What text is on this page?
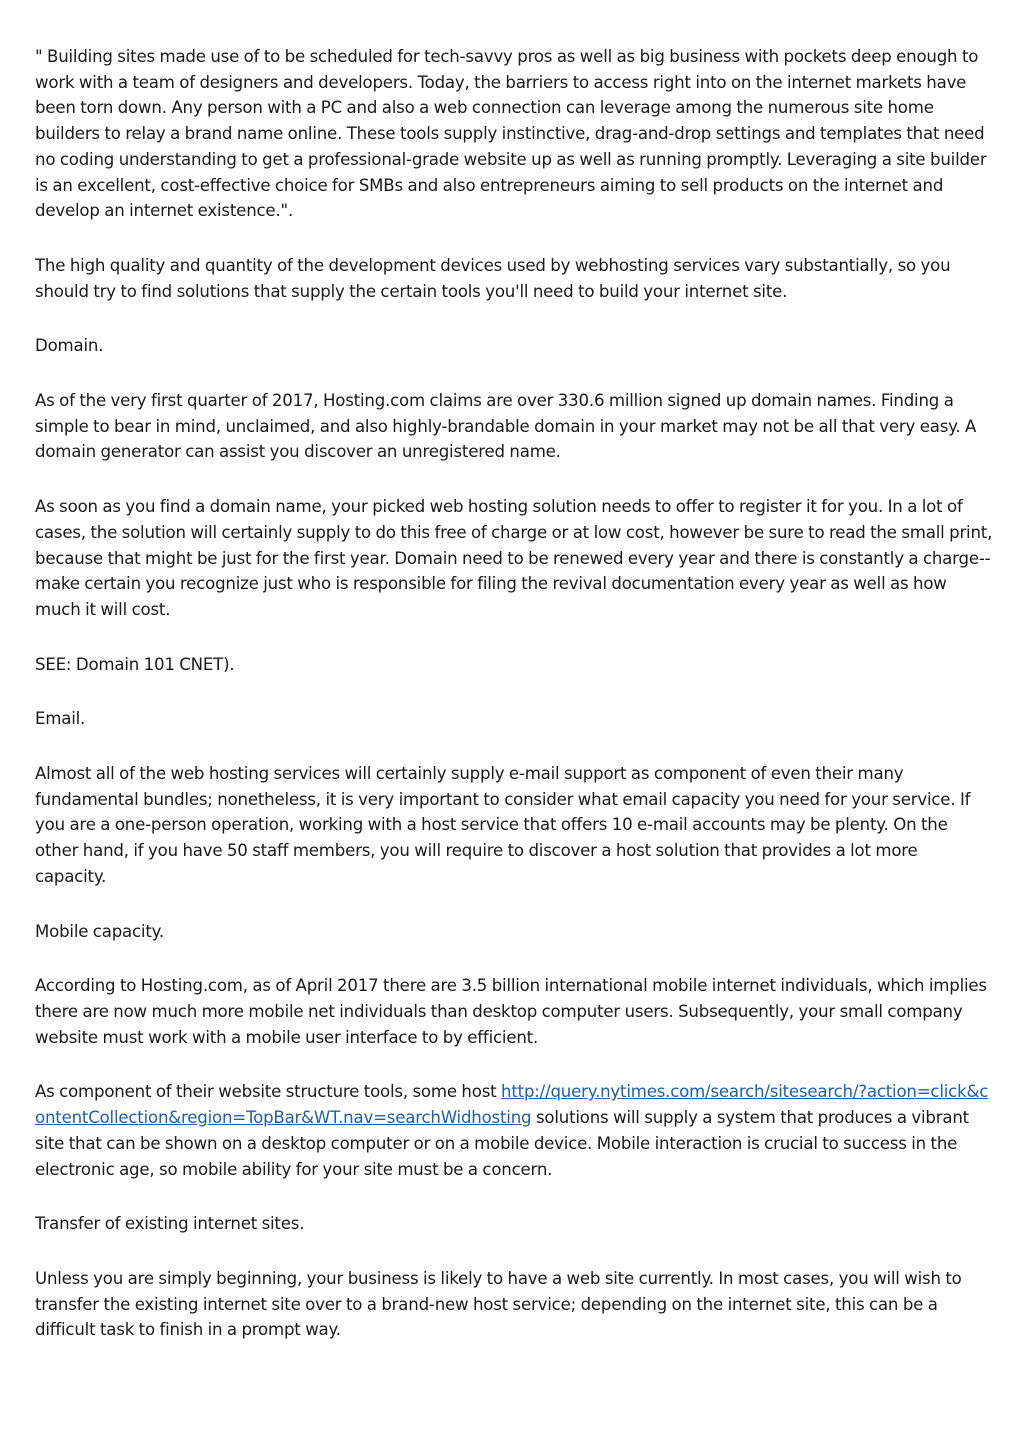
" Building sites made use of to be scheduled for tech-savvy pros as well as big business with pockets deep enough to work with a team of designers and developers. Today, the barriers to access right into on the internet markets have been torn down. Any person with a PC and also a web connection can leverage among the numerous site home builders to relay a brand name online. These tools supply instinctive, drag-and-drop settings and templates that need no coding understanding to get a professional-grade website up as well as running promptly. Leveraging a site builder is an excellent, cost-effective choice for SMBs and also entrepreneurs aiming to sell products on the internet and develop an internet existence.".

The high quality and quantity of the development devices used by webhosting services vary substantially, so you should try to find solutions that supply the certain tools you'll need to build your internet site.

Domain.

As of the very first quarter of 2017, Hosting.com claims are over 330.6 million signed up domain names. Finding a simple to bear in mind, unclaimed, and also highly-brandable domain in your market may not be all that very easy. A domain generator can assist you discover an unregistered name.

As soon as you find a domain name, your picked web hosting solution needs to offer to register it for you. In a lot of cases, the solution will certainly supply to do this free of charge or at low cost, however be sure to read the small print, because that might be just for the first year. Domain need to be renewed every year and there is constantly a charge-- make certain you recognize just who is responsible for filing the revival documentation every year as well as how much it will cost.

SEE: Domain 101 CNET).

Email.

Almost all of the web hosting services will certainly supply e-mail support as component of even their many fundamental bundles; nonetheless, it is very important to consider what email capacity you need for your service. If you are a one-person operation, working with a host service that offers 10 e-mail accounts may be plenty. On the other hand, if you have 50 staff members, you will require to discover a host solution that provides a lot more capacity.

Mobile capacity.

According to Hosting.com, as of April 2017 there are 3.5 billion international mobile internet individuals, which implies there are now much more mobile net individuals than desktop computer users. Subsequently, your small company website must work with a mobile user interface to by efficient.

As component of their website structure tools, some host http://query.nytimes.com/search/sitesearch/?action=click&contentCollection&region=TopBar&WT.nav=searchWidhosting solutions will supply a system that produces a vibrant site that can be shown on a desktop computer or on a mobile device. Mobile interaction is crucial to success in the electronic age, so mobile ability for your site must be a concern.

Transfer of existing internet sites.

Unless you are simply beginning, your business is likely to have a web site currently. In most cases, you will wish to transfer the existing internet site over to a brand-new host service; depending on the internet site, this can be a difficult task to finish in a prompt way.
